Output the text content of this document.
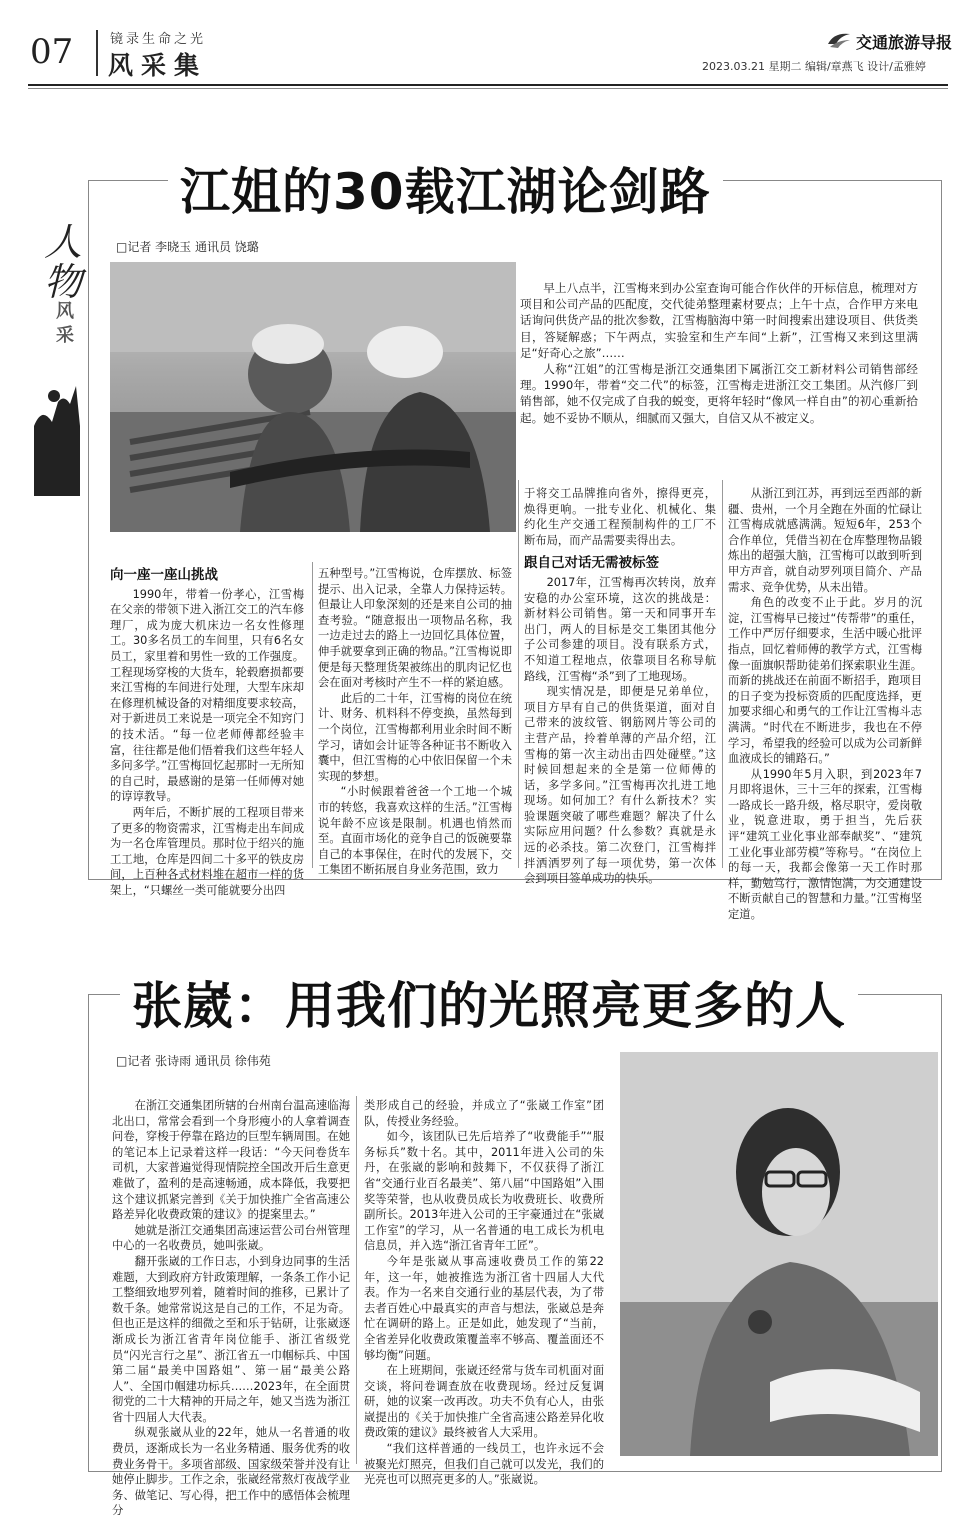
07	镜录生命之光
风采集
交通旅游导报
2023.03.21 星期二 编辑/章燕飞 设计/孟雅婷
江姐的30载江湖论剑路
人物
风采
□记者 李晓玉 通讯员 饶璐

早上八点半，江雪梅来到办公室查询可能合作伙伴的开标信息，梳理对方项目和公司产品的匹配度，交代徒弟整理素材要点；上午十点，合作甲方来电话询问供货产品的批次参数，江雪梅脑海中第一时间搜索出建设项目、供货类目，答疑解惑；下午两点，实验室和生产车间“上新”，江雪梅又来到这里满足“好奇心之旅”……

人称“江姐”的江雪梅是浙江交通集团下属浙江交工新材料公司销售部经理。1990年，带着“交二代”的标签，江雪梅走进浙江交工集团。从汽修厂到销售部，她不仅完成了自我的蜕变，更将年轻时“像风一样自由”的初心重新拾起。她不妥协不顺从，细腻而又强大，自信又从不被定义。

向一座一座山挑战

1990年，带着一份孝心，江雪梅在父亲的带领下进入浙江交工的汽车修理厂，成为庞大机床边一名女性修理工。30多名员工的车间里，只有6名女员工，家里着和男性一致的工作强度。工程现场穿梭的大货车，轮毂磨损都要来江雪梅的车间进行处理，大型车床却在修理机械设备的对精细度要求较高，对于新进员工来说是一项完全不知窍门的技术活。“每一位老师傅都经验丰富，往往都是他们悟着我们这些年轻人多问多学。”江雪梅回忆起那时一无所知的自己时，最感谢的是第一任师傅对她的谆谆教导。

两年后，不断扩展的工程项目带来了更多的物资需求，江雪梅走出车间成为一名仓库管理员。那时位于绍兴的施工工地，仓库是四间二十多平的铁皮房间，上百种各式材料堆在超市一样的货架上，“只螺丝一类可能就要分出四

五种型号。”江雪梅说，仓库摆放、标签提示、出入记录，全靠人力保持运转。但最让人印象深刻的还是来自公司的抽查考验。“随意报出一项物品名称，我一边走过去的路上一边回忆具体位置，伸手就要拿到正确的物品。”江雪梅说即便是每天整理货架被练出的肌肉记忆也会在面对考核时产生不一样的紧迫感。

此后的二十年，江雪梅的岗位在统计、财务、机料科不停变换，虽然每到一个岗位，江雪梅都利用业余时间不断学习，请如会计证等各种证书不断收入囊中，但江雪梅的心中依旧保留一个未实现的梦想。

“小时候跟着爸爸一个工地一个城市的转悠，我喜欢这样的生活。”江雪梅说年龄不应该是限制。机遇也悄然而至。直面市场化的竞争自己的饭碗要靠自己的本事保住，在时代的发展下，交工集团不断拓展自身业务范围，致力

于将交工品牌推向省外，擦得更亮，焕得更响。一批专业化、机械化、集约化生产交通工程预制构件的工厂不断布局，而产品需要卖得出去。

跟自己对话无需被标签

2017年，江雪梅再次转岗，放弃安稳的办公室环境，这次的挑战是：新材料公司销售。第一天和同事开车出门，两人的目标是交工集团其他分子公司参建的项目。没有联系方式，不知道工程地点，依靠项目名称导航路线，江雪梅“杀”到了工地现场。

现实情况是，即便是兄弟单位，项目方早有自己的供货渠道，面对自己带来的波纹管、钢筋网片等公司的主营产品，拎着单薄的产品介绍，江雪梅的第一次主动出击四处碰壁。”这时候回想起来的全是第一位师傅的话，多学多问。”江雪梅再次扎进工地现场。如何加工？有什么新技术？实验课题突破了哪些难题？解决了什么实际应用问题？什么参数？真就是永远的必杀技。第二次登门，江雪梅拌拌洒洒罗列了每一项优势，第一次体会到项目签单成功的快乐。

从浙江到江苏，再到远至西部的新疆、贵州，一个月全跑在外面的忙碌让江雪梅成就感满满。短短6年，253个合作单位，凭借当初在仓库整理物品锻炼出的超强大脑，江雪梅可以敢到听到甲方声音，就自动罗列项目简介、产品需求、竞争优势，从未出错。

角色的改变不止于此。岁月的沉淀，江雪梅早已接过“传帮带”的重任，工作中严厉仔细要求，生活中暖心批评指点，回忆着师傅的教学方式，江雪梅像一面旗帜帮助徒弟们探索职业生涯。而新的挑战还在前面不断招手，跑项目的日子变为投标资质的匹配度选择，更加要求细心和勇气的工作让江雪梅斗志满满。“时代在不断进步，我也在不停学习，希望我的经验可以成为公司新鲜血液成长的铺路石。”

从1990年5月入职，到2023年7月即将退休，三十三年的探索，江雪梅一路成长一路升级，格尽职守，爱岗敬业，锐意进取，勇于担当，先后获评“建筑工业化事业部奉献奖”、“建筑工业化事业部劳模”等称号。“在岗位上的每一天，我都会像第一天工作时那样，勤勉笃行，激情饱满，为交通建设不断贡献自己的智慧和力量。”江雪梅坚定道。

张崴：用我们的光照亮更多的人
□记者 张诗雨 通讯员 徐伟苑

在浙江交通集团所辖的台州南台温高速临海北出口，常常会看到一个身形瘦小的人拿着调查问卷，穿梭于停靠在路边的巨型车辆周围。在她的笔记本上记录着这样一段话：“今天问卷货车司机，大家普遍觉得现情院控全国改开后生意更难做了，盈利的是高速畅通，成本降低，我要把这个建议抓紧完善到《关于加快推广全省高速公路差异化收费政策的建议》的提案里去。”

她就是浙江交通集团高速运营公司台州管理中心的一名收费员，她叫张崴。

翻开张崴的工作日志，小到身边同事的生活难题，大到政府方针政策理解，一条条工作小记工整细致地罗列着，随着时间的推移，已累计了数千条。她常常说这是自己的工作，不足为奇。但也正是这样的细微之至和乐于钻研，让张崴逐渐成长为浙江省青年岗位能手、浙江省级党员“闪光言行之星”、浙江省五一巾帼标兵、中国第二届“最美中国路姐”、第一届“最美公路人”、全国巾帼建功标兵……2023年，在全面贯彻党的二十大精神的开局之年，她又当选为浙江省十四届人大代表。

纵观张崴从业的22年，她从一名普通的收费员，逐渐成长为一名业务精通、服务优秀的收费业务骨干。多项省部级、国家级荣誉并没有让她停止脚步。工作之余，张崴经常熬灯夜战学业务、做笔记、写心得，把工作中的感悟体会梳理分

类形成自己的经验，并成立了“张崴工作室”团队，传授业务经验。

如今，该团队已先后培养了“收费能手”“服务标兵”数十名。其中，2011年进入公司的朱丹，在张崴的影响和鼓舞下，不仅获得了浙江省“交通行业百名最美”、第八届“中国路姐”入围奖等荣誉，也从收费员成长为收费班长、收费所副所长。2013年进入公司的王宇豪通过在“张崴工作室”的学习，从一名普通的电工成长为机电信息员，并入选“浙江省青年工匠”。

今年是张崴从事高速收费员工作的第22年，这一年，她被推选为浙江省十四届人大代表。作为一名来自交通行业的基层代表，为了带去者百姓心中最真实的声音与想法，张崴总是奔忙在调研的路上。正是如此，她发现了“当前，全省差异化收费政策覆盖率不够高、覆盖面还不够均衡”问题。

在上班期间，张崴还经常与货车司机面对面交谈，将问卷调查放在收费现场。经过反复调研，她的议案一改再改。功夫不负有心人，由张崴提出的《关于加快推广全省高速公路差异化收费政策的建议》最终被省人大采用。

“我们这样普通的一线员工，也许永远不会被聚光灯照亮，但我们自己就可以发光，我们的光亮也可以照亮更多的人。”张崴说。
